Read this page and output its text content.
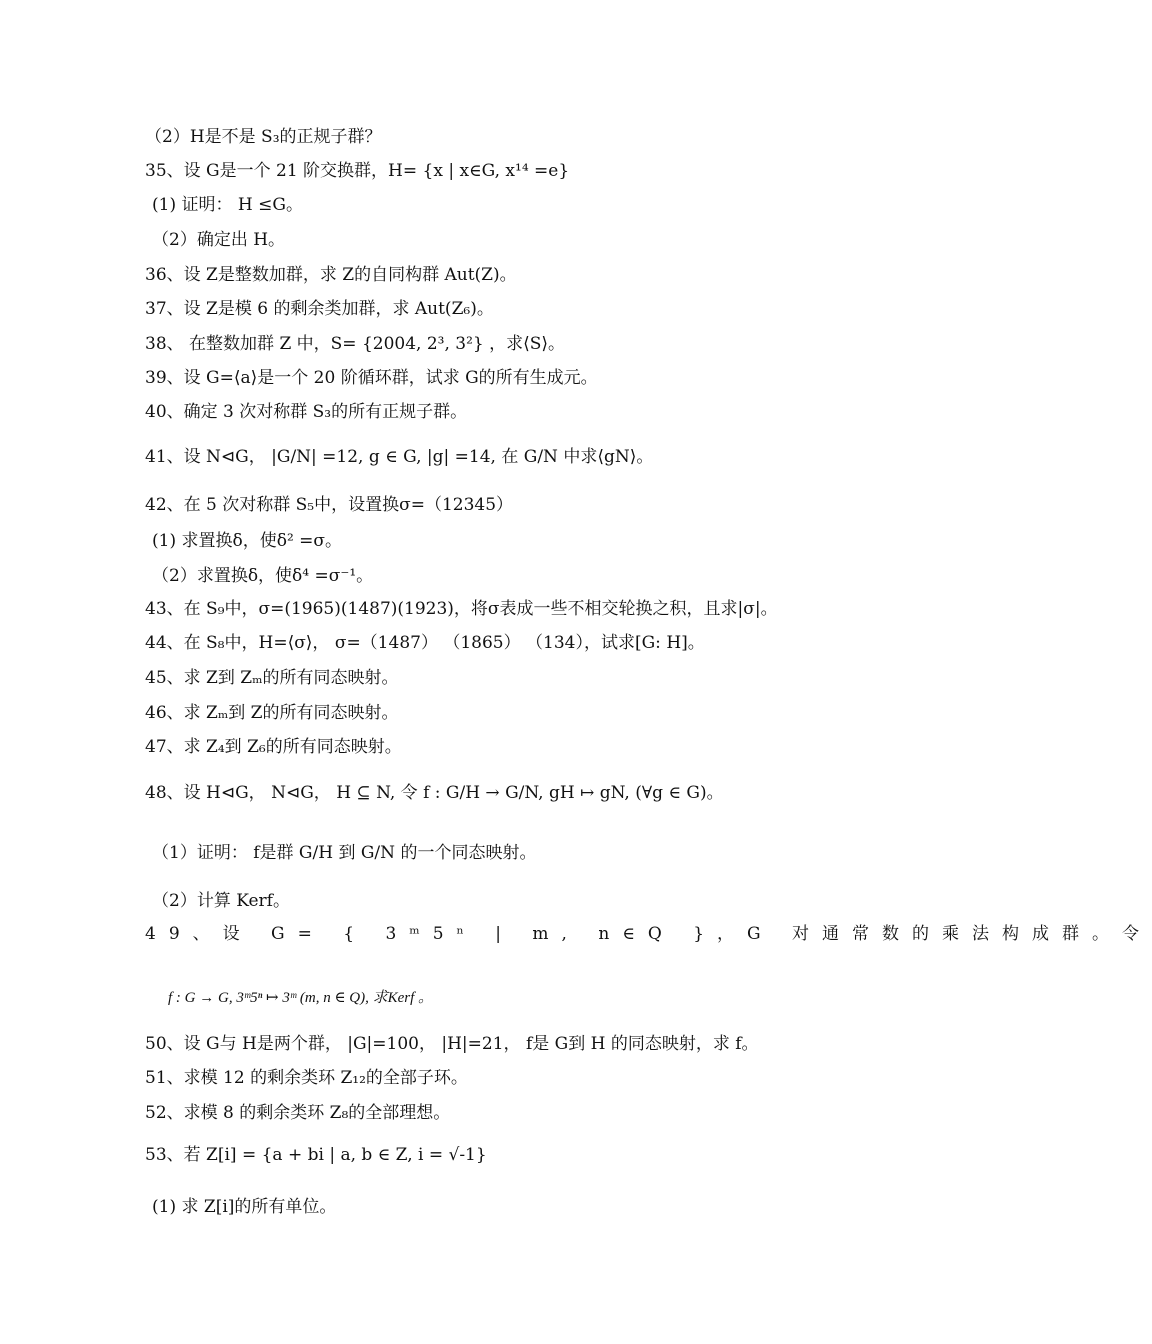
（2）H是不是 S₃的正规子群？
35、设 G是一个 21 阶交换群，H= {x | x∈G, x¹⁴ =e}
(1) 证明： H ≤G。
（2）确定出 H。
36、设 Z是整数加群，求 Z的自同构群 Aut(Z)。
37、设 Z是模 6 的剩余类加群，求 Aut(Z₆)。
38、 在整数加群 Z 中，S= {2004, 2³, 3²} ，求⟨S⟩。
39、设 G=⟨a⟩是一个 20 阶循环群，试求 G的所有生成元。
40、确定 3 次对称群 S₃的所有正规子群。
41、设 N⊲G， |G/N| =12, g ∈ G, |g| =14, 在 G/N 中求⟨gN⟩。
42、在 5 次对称群 S₅中，设置换σ=（12345）
(1) 求置换δ，使δ² =σ。
（2）求置换δ，使δ⁴ =σ⁻¹。
43、在 S₉中，σ=(1965)(1487)(1923)，将σ表成一些不相交轮换之积，且求|σ|。
44、在 S₈中，H=⟨σ⟩， σ=（1487） （1865） （134），试求[G: H]。
45、求 Z到 Zₘ的所有同态映射。
46、求 Zₘ到 Z的所有同态映射。
47、求 Z₄到 Z₆的所有同态映射。
48、设 H⊲G， N⊲G， H ⊆ N, 令 f : G/H → G/N, gH ↦ gN, (∀g ∈ G)。
（1）证明： f是群 G/H 到 G/N 的一个同态映射。
（2）计算 Kerf。
49、设 G= { 3ᵐ5ⁿ | m, n∈Q }，G 对通常数的乘法构成群。令
f : G → G, 3ᵐ5ⁿ ↦ 3ᵐ (m, n ∈ Q), 求Kerf 。
50、设 G与 H是两个群， |G|=100， |H|=21， f是 G到 H 的同态映射，求 f。
51、求模 12 的剩余类环 Z₁₂的全部子环。
52、求模 8 的剩余类环 Z₈的全部理想。
53、若 Z[i] = {a + bi | a, b ∈ Z, i = √-1}
(1) 求 Z[i]的所有单位。
